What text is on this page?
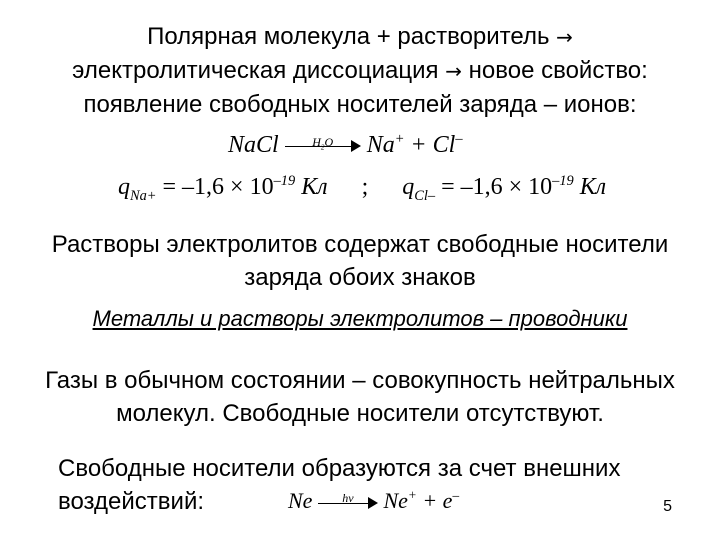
Полярная молекула + растворитель →
электролитическая диссоциация → новое свойство:
появление свободных носителей заряда – ионов:
NaCl	$H_2O$	Na+ + Cl–
$q_{Na+} = -1,6 \times 10^{-19}$ Кл ; $q_{Cl-} = -1,6 \times 10^{-19}$ Кл
Растворы электролитов содержат свободные носители
заряда обоих знаков
Металлы и растворы электролитов – проводники
Газы в обычном состоянии – совокупность нейтральных
молекул. Свободные носители отсутствуют.
Свободные носители образуются за счет внешних
воздействий:	Ne	hν	Ne+ + e–
5
